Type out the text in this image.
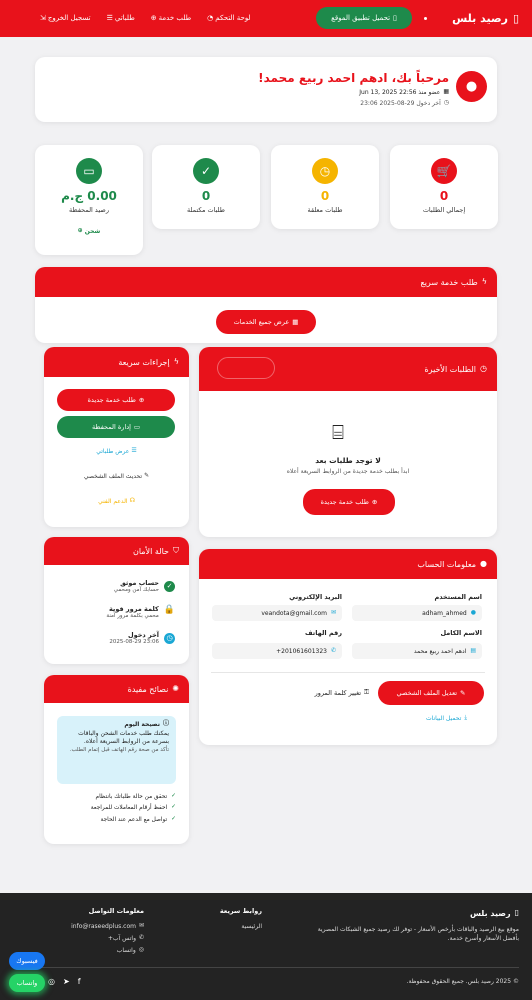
▯
رصيد بلس
▯
تحميل تطبيق الموقع
⇲ تسجيل الخروج ☰ طلباتي ⊕ طلب خدمة ◔ لوحة التحكم
●
مرحباً بك، ادهم احمد ربيع محمد!
▦
عضو منذ Jun 13, 2025 22:56
◷
آخر دخول 29-08-2025 23:06
🛒
0
إجمالي الطلبات
◷
0
طلبات معلقة
✓
0
طلبات مكتملة
▭
0.00 ج.م
رصيد المحفظة
شحن
⊕
ϟ
طلب خدمة سريع
▦
عرض جميع الخدمات
◷
الطلبات الأخيرة
⌸
لا توجد طلبات بعد
ابدأ بطلب خدمة جديدة من الروابط السريعة أعلاه
⊕
طلب خدمة جديدة
ϟ
إجراءات سريعة
⊕
طلب خدمة جديدة
▭
إدارة المحفظة
☰
عرض طلباتي
✎
تحديث الملف الشخصي
☊
الدعم الفني
⛉
حالة الأمان
✓
حساب موثق
حسابك آمن ومحمي
🔒
كلمة مرور قوية
محمي بكلمة مرور آمنة
◷
آخر دخول
23:06 2025-08-29
●
معلومات الحساب
اسم المستخدم
●
adham_ahmed
البريد الإلكتروني
✉
veandota@gmail.com
الاسم الكامل
▤
ادهم احمد ربيع محمد
رقم الهاتف
✆
+201061601323
✎
تعديل الملف الشخصي
⚿
تغيير كلمة المرور
⤓
تحميل البيانات
✺
نصائح مفيدة
ⓘ
نصيحة اليوم
يمكنك طلب خدمات الشحن والباقات بسرعة من الروابط السريعة أعلاه.
تأكد من صحة رقم الهاتف قبل إتمام الطلب.
✓
تحقق من حالة طلباتك بانتظام
✓
احفظ أرقام المعاملات للمراجعة
✓
تواصل مع الدعم عند الحاجة
▯
رصيد بلس
موقع بيع الرصيد والباقات بأرخص الأسعار - توفر لك رصيد جميع الشبكات المصرية بأفضل الأسعار وأسرع خدمة.
روابط سريعة
الرئيسية
معلومات التواصل
✉
info@raseedplus.com
✆
واتس آب+
◎
واتساب
© 2025 رصيد بلس. جميع الحقوق محفوظة.
◎ ➤ f
فيسبوك
واتساب
